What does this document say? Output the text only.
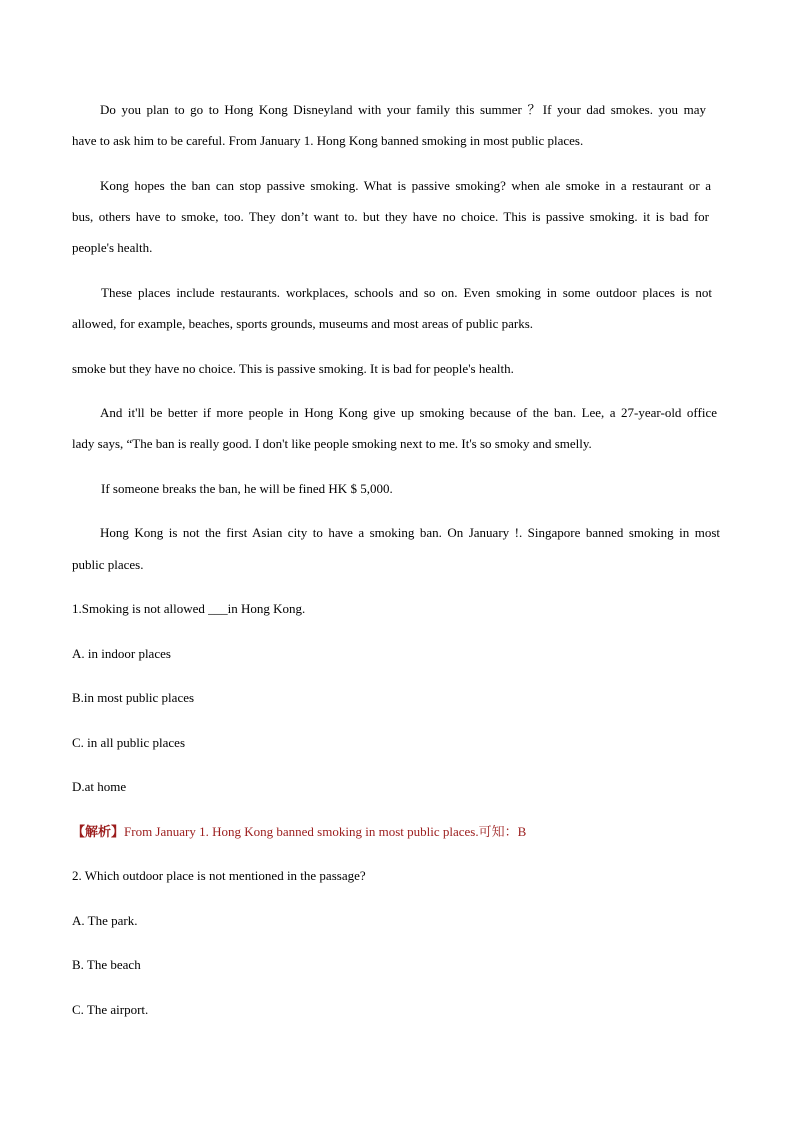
Do you plan to go to Hong Kong Disneyland with your family this summer ？If your dad smokes. you may
have to ask him to be careful. From January 1. Hong Kong banned smoking in most public places.
Kong hopes the ban can stop passive smoking. What is passive smoking? when ale smoke in a restaurant or a
bus, others have to smoke, too. They don’t want to. but they have no choice. This is passive smoking. it is bad for
people's health.
These places include restaurants. workplaces, schools and so on. Even smoking in some outdoor places is not
allowed, for example, beaches, sports grounds, museums and most areas of public parks.
smoke but they have no choice. This is passive smoking. It is bad for people's health.
And it'll be better if more people in Hong Kong give up smoking because of the ban. Lee, a 27-year-old office
lady says, “The ban is really good. I don't like people smoking next to me. It's so smoky and smelly.
If someone breaks the ban, he will be fined HK $ 5,000.
Hong Kong is not the first Asian city to have a smoking ban. On January !. Singapore banned smoking in most
public places.
1.Smoking is not allowed ___in Hong Kong.
A. in indoor places
B.in most public places
C. in all public places
D.at home
【解析】From January 1. Hong Kong banned smoking in most public places.可知：B
2. Which outdoor place is not mentioned in the passage?
A. The park.
B. The beach
C. The airport.
